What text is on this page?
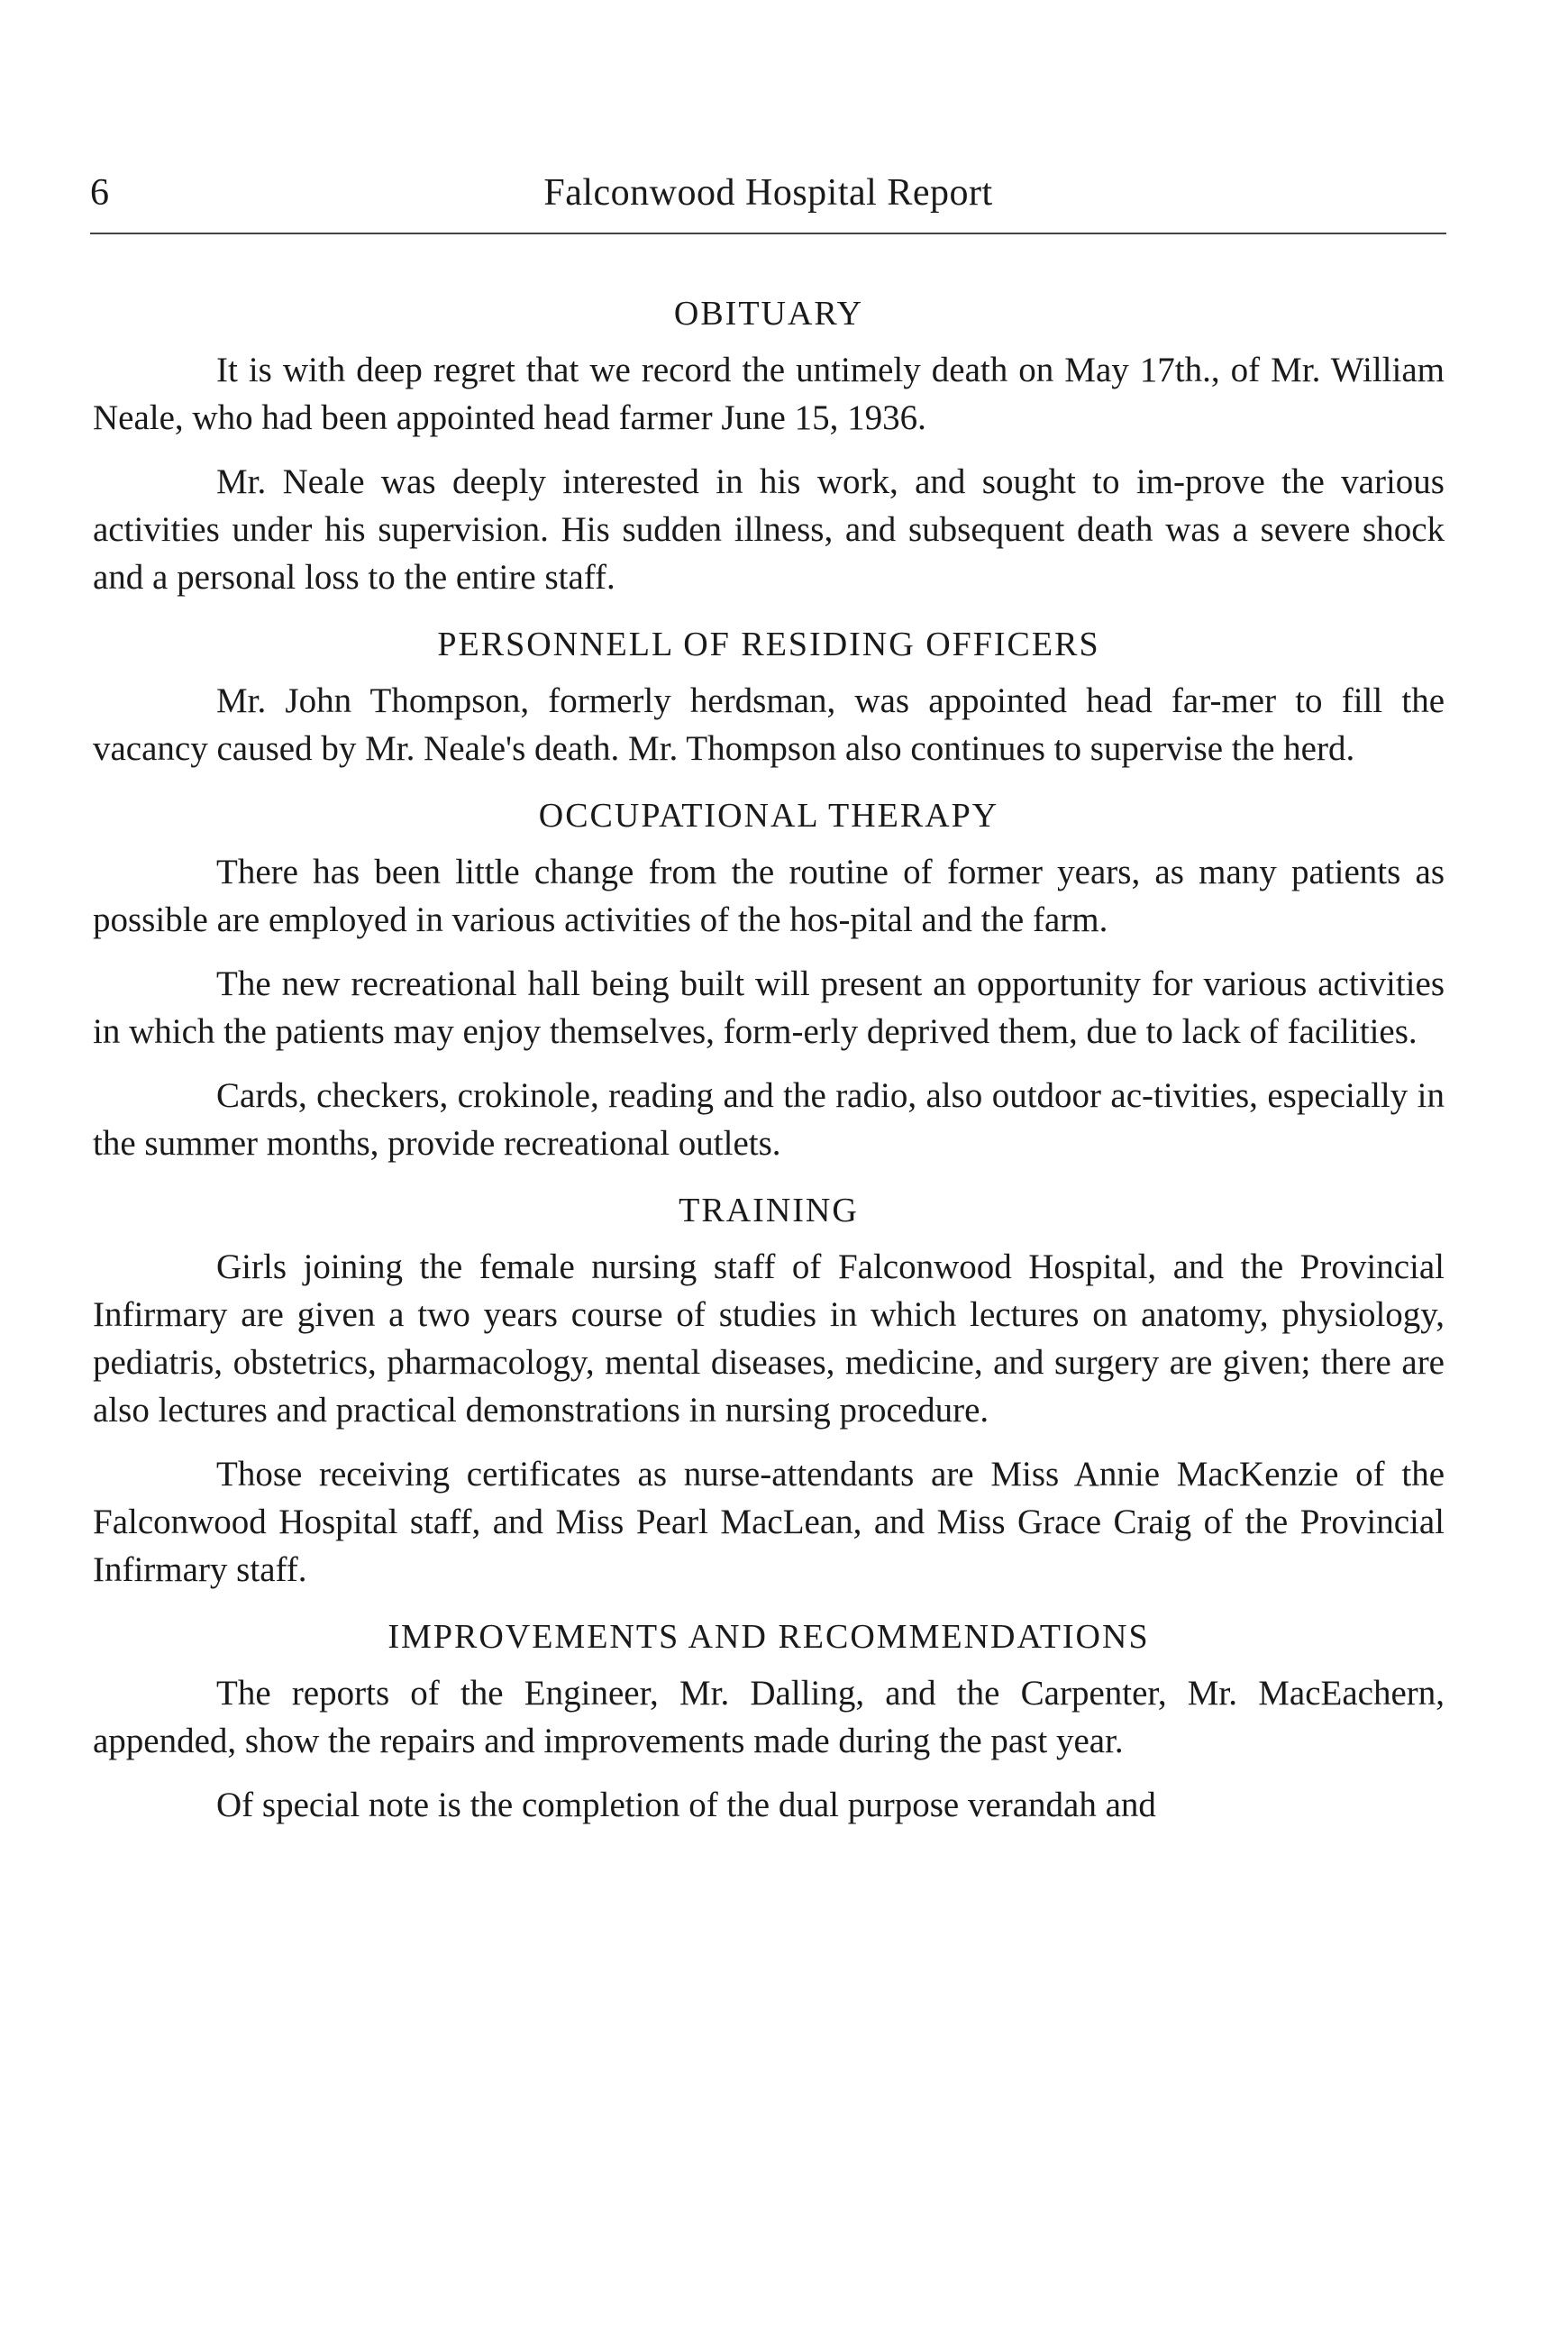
6	Falconwood Hospital Report
OBITUARY

It is with deep regret that we record the untimely death on May 17th., of Mr. William Neale, who had been appointed head farmer June 15, 1936.

Mr. Neale was deeply interested in his work, and sought to im-prove the various activities under his supervision. His sudden illness, and subsequent death was a severe shock and a personal loss to the entire staff.

PERSONNELL OF RESIDING OFFICERS

Mr. John Thompson, formerly herdsman, was appointed head far-mer to fill the vacancy caused by Mr. Neale's death. Mr. Thompson also continues to supervise the herd.

OCCUPATIONAL THERAPY

There has been little change from the routine of former years, as many patients as possible are employed in various activities of the hos-pital and the farm.

The new recreational hall being built will present an opportunity for various activities in which the patients may enjoy themselves, form-erly deprived them, due to lack of facilities.

Cards, checkers, crokinole, reading and the radio, also outdoor ac-tivities, especially in the summer months, provide recreational outlets.

TRAINING

Girls joining the female nursing staff of Falconwood Hospital, and the Provincial Infirmary are given a two years course of studies in which lectures on anatomy, physiology, pediatris, obstetrics, pharmacology, mental diseases, medicine, and surgery are given; there are also lectures and practical demonstrations in nursing procedure.

Those receiving certificates as nurse-attendants are Miss Annie MacKenzie of the Falconwood Hospital staff, and Miss Pearl MacLean, and Miss Grace Craig of the Provincial Infirmary staff.

IMPROVEMENTS AND RECOMMENDATIONS

The reports of the Engineer, Mr. Dalling, and the Carpenter, Mr. MacEachern, appended, show the repairs and improvements made during the past year.

Of special note is the completion of the dual purpose verandah and
